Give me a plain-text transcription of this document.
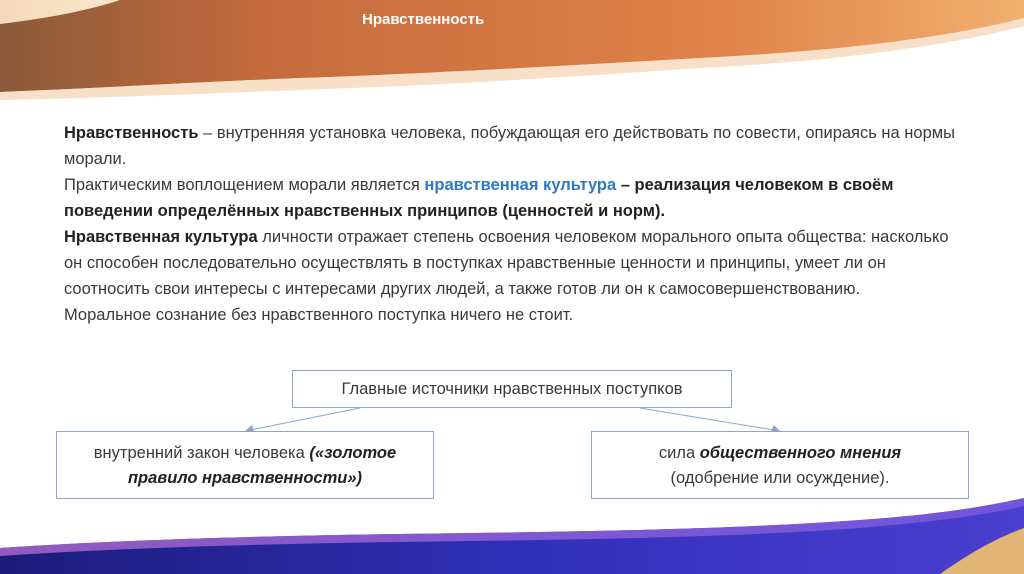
Нравственность

Нравственность – внутренняя установка человека, побуждающая его действовать по совести, опираясь на нормы морали.

Практическим воплощением морали является нравственная культура – реализация человеком в своём поведении определённых нравственных принципов (ценностей и норм).

Нравственная культура личности отражает степень освоения человеком морального опыта общества: насколько он способен последовательно осуществлять в поступках нравственные ценности и принципы, умеет ли он соотносить свои интересы с интересами других людей, а также готов ли он к самосовершенствованию.

Моральное сознание без нравственного поступка ничего не стоит.

Главные источники нравственных поступков
внутренний закон человека («золотое правило нравственности»)
сила общественного мнения
(одобрение или осуждение).
